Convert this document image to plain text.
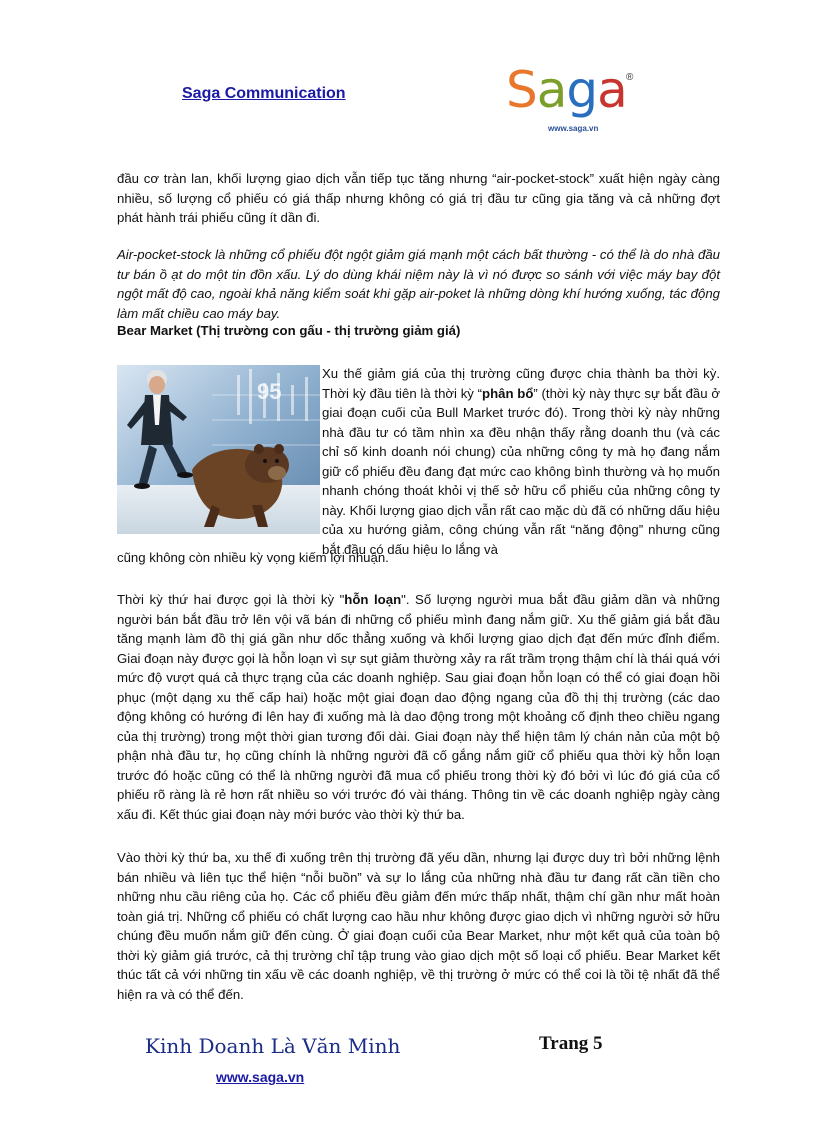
Saga Communication	Saga ®
www.saga.vn

đầu cơ tràn lan, khối lượng giao dịch vẫn tiếp tục tăng nhưng “air-pocket-stock” xuất hiện ngày càng nhiều, số lượng cổ phiếu có giá thấp nhưng không có giá trị đầu tư cũng gia tăng và cả những đợt phát hành trái phiếu cũng ít dần đi.

Air-pocket-stock là những cổ phiếu đột ngột giảm giá mạnh một cách bất thường - có thể là do nhà đầu tư bán ồ ạt do một tin đồn xấu. Lý do dùng khái niệm này là vì nó được so sánh với việc máy bay đột ngột mất độ cao, ngoài khả năng kiểm soát khi gặp air-poket là những dòng khí hướng xuống, tác động làm mất chiều cao máy bay.

Bear Market (Thị trường con gấu - thị trường giảm giá)

95

Xu thế giảm giá của thị trường cũng được chia thành ba thời kỳ. Thời kỳ đầu tiên là thời kỳ “phân bổ” (thời kỳ này thực sự bắt đầu ở giai đoạn cuối của Bull Market trước đó). Trong thời kỳ này những nhà đầu tư có tầm nhìn xa đều nhận thấy rằng doanh thu (và các chỉ số kinh doanh nói chung) của những công ty mà họ đang nắm giữ cổ phiếu đều đang đạt mức cao không bình thường và họ muốn nhanh chóng thoát khỏi vị thế sở hữu cổ phiếu của những công ty này. Khối lượng giao dịch vẫn rất cao mặc dù đã có những dấu hiệu của xu hướng giảm, công chúng vẫn rất “năng động” nhưng cũng bắt đầu có dấu hiệu lo lắng và

cũng không còn nhiều kỳ vọng kiếm lợi nhuận.

Thời kỳ thứ hai được gọi là thời kỳ "hỗn loạn". Số lượng người mua bắt đầu giảm dần và những người bán bắt đầu trở lên vội vã bán đi những cổ phiếu mình đang nắm giữ. Xu thế giảm giá bắt đầu tăng mạnh làm đồ thị giá gần như dốc thẳng xuống và khối lượng giao dịch đạt đến mức đỉnh điểm. Giai đoạn này được gọi là hỗn loạn vì sự sụt giảm thường xảy ra rất trầm trọng thậm chí là thái quá với mức độ vượt quá cả thực trạng của các doanh nghiệp. Sau giai đoạn hỗn loạn có thể có giai đoạn hồi phục (một dạng xu thế cấp hai) hoặc một giai đoạn dao động ngang của đồ thị thị trường (các dao động không có hướng đi lên hay đi xuống mà là dao động trong một khoảng cố định theo chiều ngang của thị trường) trong một thời gian tương đối dài. Giai đoạn này thể hiện tâm lý chán nản của một bộ phận nhà đầu tư, họ cũng chính là những người đã cố gắng nắm giữ cổ phiếu qua thời kỳ hỗn loạn trước đó hoặc cũng có thể là những người đã mua cổ phiếu trong thời kỳ đó bởi vì lúc đó giá của cổ phiếu rõ ràng là rẻ hơn rất nhiều so với trước đó vài tháng. Thông tin về các doanh nghiệp ngày càng xấu đi. Kết thúc giai đoạn này mới bước vào thời kỳ thứ ba.

Vào thời kỳ thứ ba, xu thế đi xuống trên thị trường đã yếu dần, nhưng lại được duy trì bởi những lệnh bán nhiều và liên tục thể hiện “nỗi buồn” và sự lo lắng của những nhà đầu tư đang rất cần tiền cho những nhu cầu riêng của họ. Các cổ phiếu đều giảm đến mức thấp nhất, thậm chí gần như mất hoàn toàn giá trị. Những cổ phiếu có chất lượng cao hầu như không được giao dịch vì những người sở hữu chúng đều muốn nắm giữ đến cùng. Ở giai đoạn cuối của Bear Market, như một kết quả của toàn bộ thời kỳ giảm giá trước, cả thị trường chỉ tập trung vào giao dịch một số loại cổ phiếu. Bear Market kết thúc tất cả với những tin xấu về các doanh nghiệp, về thị trường ở mức có thể coi là tồi tệ nhất đã thể hiện ra và có thể đến.

Kinh Doanh Là Văn Minh	Trang 5
www.saga.vn
